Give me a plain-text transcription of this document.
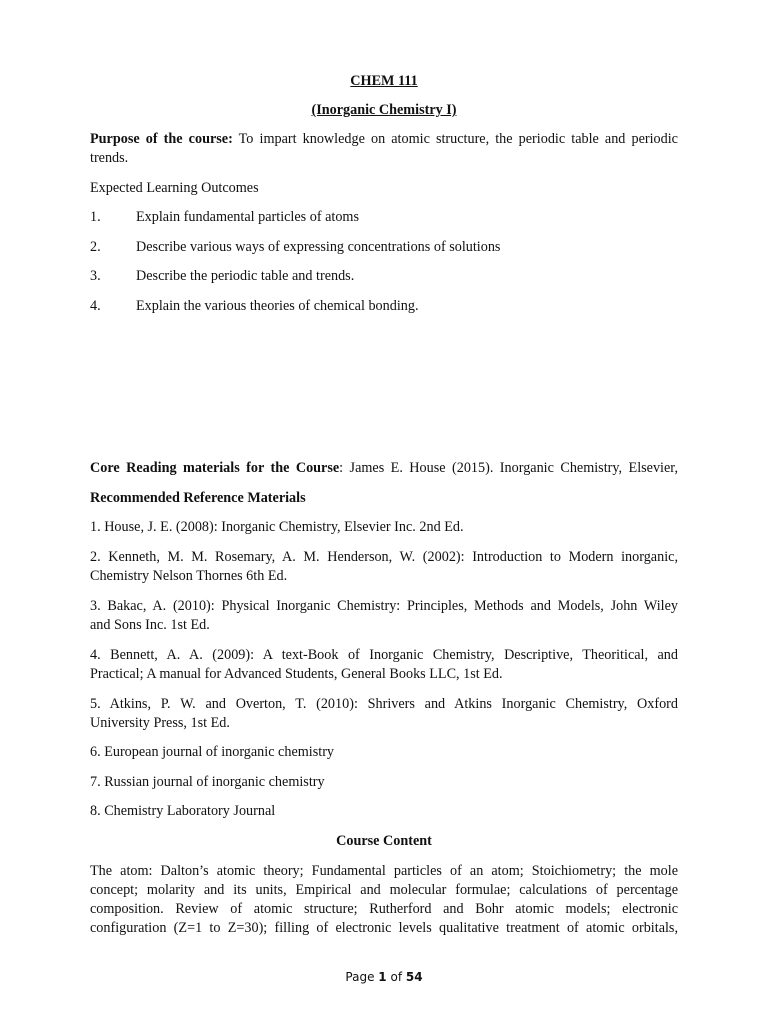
CHEM 111
(Inorganic Chemistry I)
Purpose of the course: To impart knowledge on atomic structure, the periodic table and periodic
trends.
Expected Learning Outcomes
1. Explain fundamental particles of atoms
2. Describe various ways of expressing concentrations of solutions
3. Describe the periodic table and trends.
4. Explain the various theories of chemical bonding.
Core Reading materials for the Course: James E. House (2015). Inorganic Chemistry, Elsevier,
Recommended Reference Materials
1. House, J. E. (2008): Inorganic Chemistry, Elsevier Inc. 2nd Ed.
2. Kenneth, M. M. Rosemary, A. M. Henderson, W. (2002): Introduction to Modern inorganic,
Chemistry Nelson Thornes 6th Ed.
3. Bakac, A. (2010): Physical Inorganic Chemistry: Principles, Methods and Models, John Wiley
and Sons Inc. 1st Ed.
4. Bennett, A. A. (2009): A text-Book of Inorganic Chemistry, Descriptive, Theoritical, and
Practical; A manual for Advanced Students, General Books LLC, 1st Ed.
5. Atkins, P. W. and Overton, T. (2010): Shrivers and Atkins Inorganic Chemistry, Oxford
University Press, 1st Ed.
6. European journal of inorganic chemistry
7. Russian journal of inorganic chemistry
8. Chemistry Laboratory Journal
Course Content
The atom: Dalton’s atomic theory; Fundamental particles of an atom; Stoichiometry; the mole
concept; molarity and its units, Empirical and molecular formulae; calculations of percentage
composition. Review of atomic structure; Rutherford and Bohr atomic models; electronic
configuration (Z=1 to Z=30); filling of electronic levels qualitative treatment of atomic orbitals,
Page 1 of 54
